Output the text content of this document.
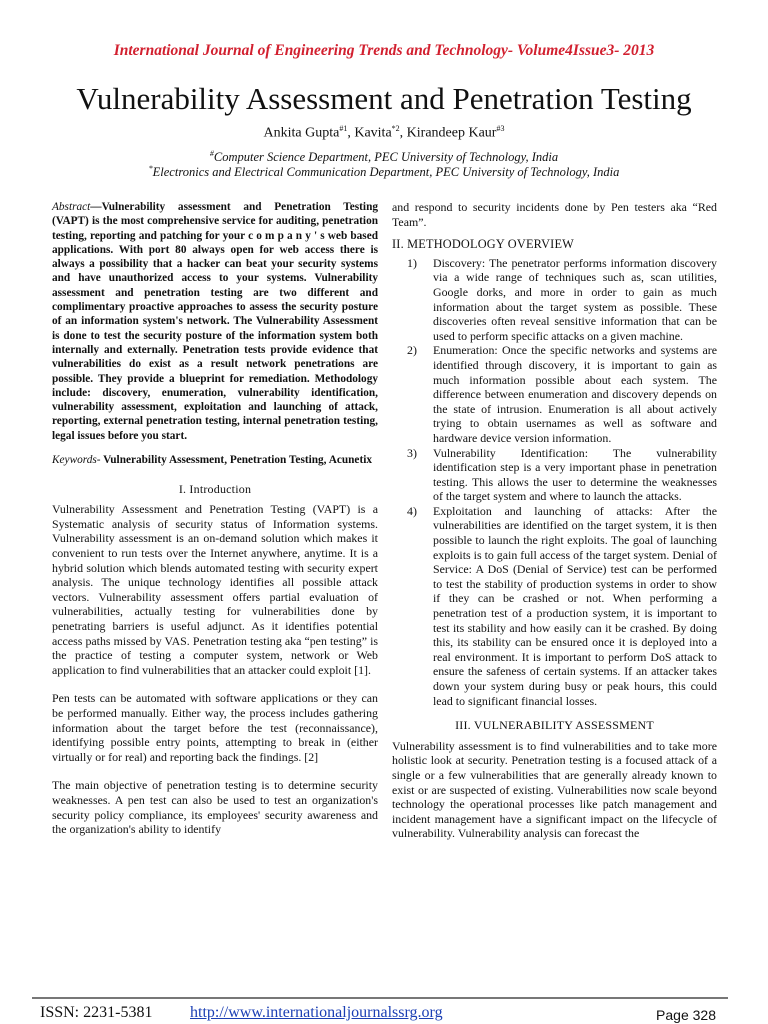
International Journal of Engineering Trends and Technology- Volume4Issue3- 2013
Vulnerability Assessment and Penetration Testing
Ankita Gupta$^{\#1}$, Kavita$^{*2}$, Kirandeep Kaur$^{\#3}$
#Computer Science Department, PEC University of Technology, India
*Electronics and Electrical Communication Department, PEC University of Technology, India
Abstract—Vulnerability assessment and Penetration Testing (VAPT) is the most comprehensive service for auditing, penetration testing, reporting and patching for your c o m p a n y ' s web based applications. With port 80 always open for web access there is always a possibility that a hacker can beat your security systems and have unauthorized access to your systems. Vulnerability assessment and penetration testing are two different and complimentary proactive approaches to assess the security posture of an information system's network. The Vulnerability Assessment is done to test the security posture of the information system both internally and externally. Penetration tests provide evidence that vulnerabilities do exist as a result network penetrations are possible. They provide a blueprint for remediation. Methodology include: discovery, enumeration, vulnerability identification, vulnerability assessment, exploitation and launching of attack, reporting, external penetration testing, internal penetration testing, legal issues before you start.
Keywords- Vulnerability Assessment, Penetration Testing, Acunetix
I. Introduction

Vulnerability Assessment and Penetration Testing (VAPT) is a Systematic analysis of security status of Information systems. Vulnerability assessment is an on-demand solution which makes it convenient to run tests over the Internet anywhere, anytime. It is a hybrid solution which blends automated testing with security expert analysis. The unique technology identifies all possible attack vectors. Vulnerability assessment offers partial evaluation of vulnerabilities, actually testing for vulnerabilities done by penetrating barriers is useful adjunct. As it identifies potential access paths missed by VAS. Penetration testing aka “pen testing” is the practice of testing a computer system, network or Web application to find vulnerabilities that an attacker could exploit [1].

Pen tests can be automated with software applications or they can be performed manually. Either way, the process includes gathering information about the target before the test (reconnaissance), identifying possible entry points, attempting to break in (either virtually or for real) and reporting back the findings. [2]

The main objective of penetration testing is to determine security weaknesses. A pen test can also be used to test an organization's security policy compliance, its employees' security awareness and the organization's ability to identify

and respond to security incidents done by Pen testers aka “Red Team”.

II. METHODOLOGY OVERVIEW
1) Discovery: The penetrator performs information discovery via a wide range of techniques such as, scan utilities, Google dorks, and more in order to gain as much information about the target system as possible. These discoveries often reveal sensitive information that can be used to perform specific attacks on a given machine.
2) Enumeration: Once the specific networks and systems are identified through discovery, it is important to gain as much information possible about each system. The difference between enumeration and discovery depends on the state of intrusion. Enumeration is all about actively trying to obtain usernames as well as software and hardware device version information.
3) Vulnerability Identification: The vulnerability identification step is a very important phase in penetration testing. This allows the user to determine the weaknesses of the target system and where to launch the attacks.
4) Exploitation and launching of attacks: After the vulnerabilities are identified on the target system, it is then possible to launch the right exploits. The goal of launching exploits is to gain full access of the target system. Denial of Service: A DoS (Denial of Service) test can be performed to test the stability of production systems in order to show if they can be crashed or not. When performing a penetration test of a production system, it is important to test its stability and how easily can it be crashed. By doing this, its stability can be ensured once it is deployed into a real environment. It is important to perform DoS attack to ensure the safeness of certain systems. If an attacker takes down your system during busy or peak hours, this could lead to significant financial losses.
III. VULNERABILITY ASSESSMENT

Vulnerability assessment is to find vulnerabilities and to take more holistic look at security. Penetration testing is a focused attack of a single or a few vulnerabilities that are generally already known to exist or are suspected of existing. Vulnerabilities now scale beyond technology the operational processes like patch management and incident management have a significant impact on the lifecycle of vulnerability. Vulnerability analysis can forecast the

ISSN: 2231-5381 http://www.internationaljournalssrg.org	Page 328
